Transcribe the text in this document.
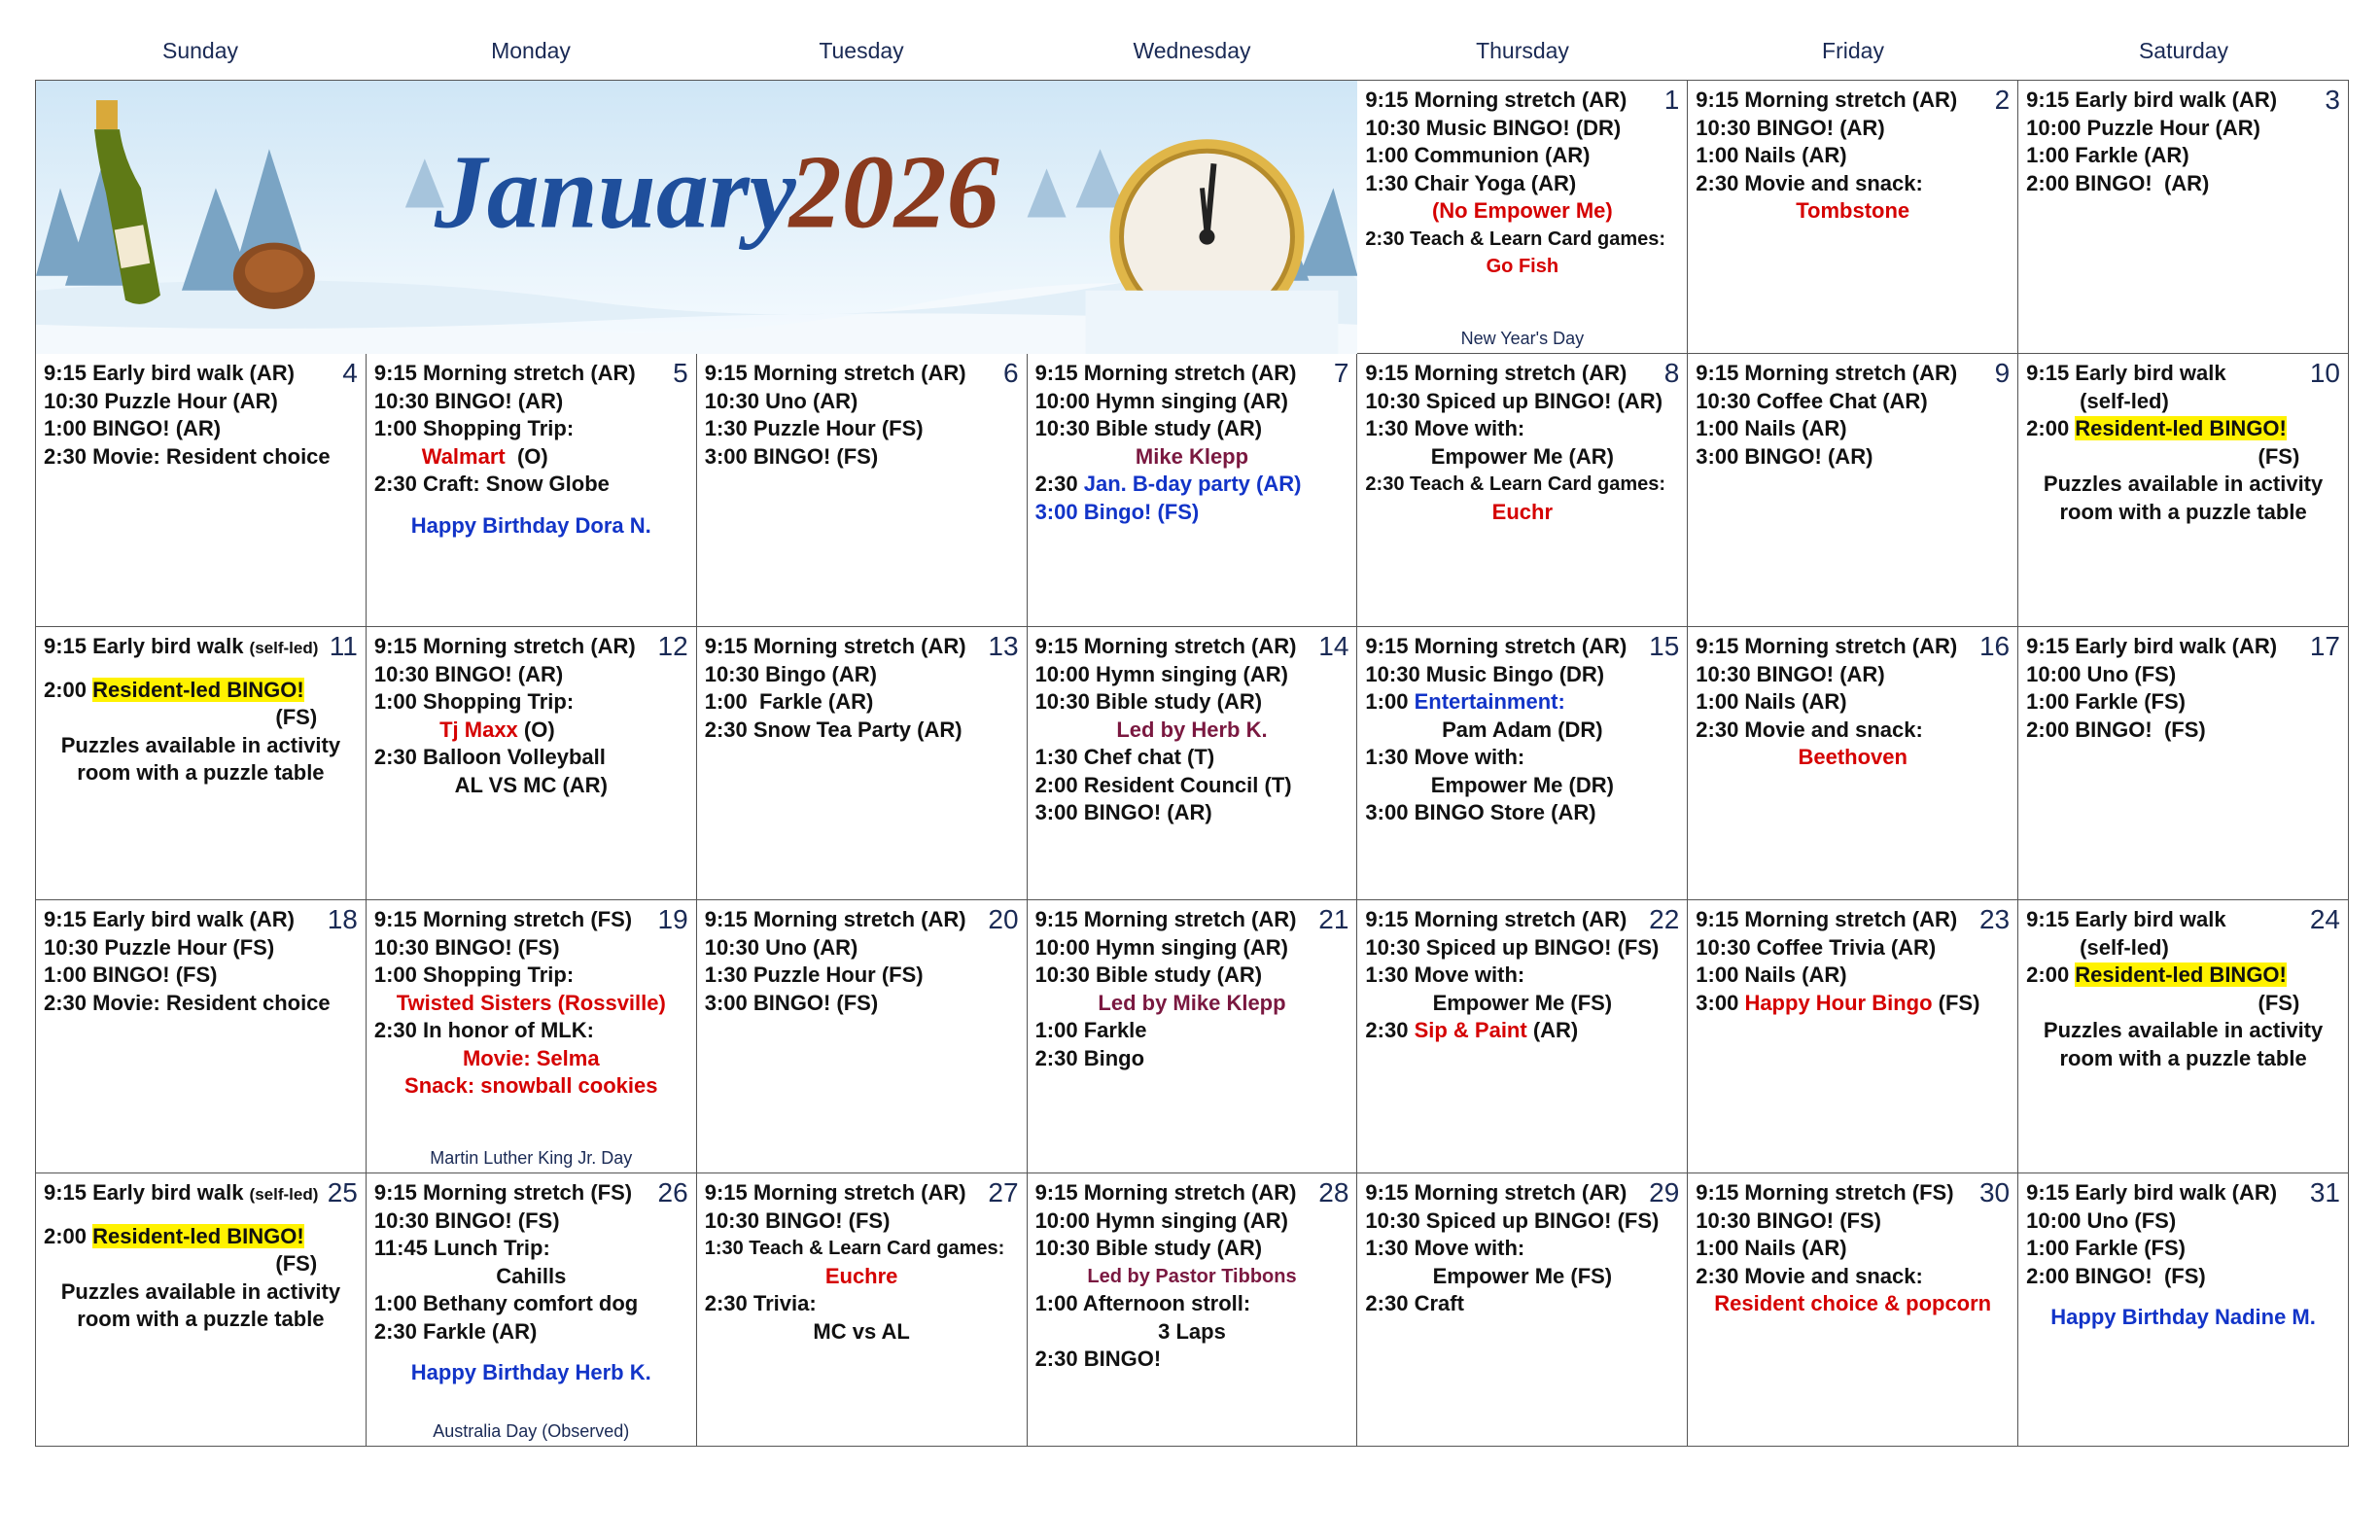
Sunday	Monday	Tuesday	Wednesday	Thursday	Friday	Saturday
January
2026
1
9:15 Morning stretch (AR)
10:30 Music BINGO! (DR)
1:00 Communion (AR)
1:30 Chair Yoga (AR)
(No Empower Me)
2:30 Teach & Learn Card games:
Go Fish
New Year's Day
2
9:15 Morning stretch (AR)
10:30 BINGO! (AR)
1:00 Nails (AR)
2:30 Movie and snack:
Tombstone
3
9:15 Early bird walk (AR)
10:00 Puzzle Hour (AR)
1:00 Farkle (AR)
2:00 BINGO!  (AR)
4
9:15 Early bird walk (AR)
10:30 Puzzle Hour (AR)
1:00 BINGO! (AR)
2:30 Movie: Resident choice
5
9:15 Morning stretch (AR)
10:30 BINGO! (AR)
1:00 Shopping Trip:
Walmart  (O)
2:30 Craft: Snow Globe
Happy Birthday Dora N.
6
9:15 Morning stretch (AR)
10:30 Uno (AR)
1:30 Puzzle Hour (FS)
3:00 BINGO! (FS)
7
9:15 Morning stretch (AR)
10:00 Hymn singing (AR)
10:30 Bible study (AR)
Mike Klepp
2:30 Jan. B-day party (AR)
3:00 Bingo! (FS)
8
9:15 Morning stretch (AR)
10:30 Spiced up BINGO! (AR)
1:30 Move with:
Empower Me (AR)
2:30 Teach & Learn Card games:
Euchr
9
9:15 Morning stretch (AR)
10:30 Coffee Chat (AR)
1:00 Nails (AR)
3:00 BINGO! (AR)
10
9:15 Early bird walk
(self-led)
2:00 Resident-led BINGO!
(FS)
Puzzles available in activity
room with a puzzle table
11
9:15 Early bird walk (self-led)
2:00 Resident-led BINGO!
(FS)
Puzzles available in activity
room with a puzzle table
12
9:15 Morning stretch (AR)
10:30 BINGO! (AR)
1:00 Shopping Trip:
Tj Maxx (O)
2:30 Balloon Volleyball
AL VS MC (AR)
13
9:15 Morning stretch (AR)
10:30 Bingo (AR)
1:00  Farkle (AR)
2:30 Snow Tea Party (AR)
14
9:15 Morning stretch (AR)
10:00 Hymn singing (AR)
10:30 Bible study (AR)
Led by Herb K.
1:30 Chef chat (T)
2:00 Resident Council (T)
3:00 BINGO! (AR)
15
9:15 Morning stretch (AR)
10:30 Music Bingo (DR)
1:00 Entertainment:
Pam Adam (DR)
1:30 Move with:
Empower Me (DR)
3:00 BINGO Store (AR)
16
9:15 Morning stretch (AR)
10:30 BINGO! (AR)
1:00 Nails (AR)
2:30 Movie and snack:
Beethoven
17
9:15 Early bird walk (AR)
10:00 Uno (FS)
1:00 Farkle (FS)
2:00 BINGO!  (FS)
18
9:15 Early bird walk (AR)
10:30 Puzzle Hour (FS)
1:00 BINGO! (FS)
2:30 Movie: Resident choice
19
9:15 Morning stretch (FS)
10:30 BINGO! (FS)
1:00 Shopping Trip:
Twisted Sisters (Rossville)
2:30 In honor of MLK:
Movie: Selma
Snack: snowball cookies
Martin Luther King Jr. Day
20
9:15 Morning stretch (AR)
10:30 Uno (AR)
1:30 Puzzle Hour (FS)
3:00 BINGO! (FS)
21
9:15 Morning stretch (AR)
10:00 Hymn singing (AR)
10:30 Bible study (AR)
Led by Mike Klepp
1:00 Farkle
2:30 Bingo
22
9:15 Morning stretch (AR)
10:30 Spiced up BINGO! (FS)
1:30 Move with:
Empower Me (FS)
2:30 Sip & Paint (AR)
23
9:15 Morning stretch (AR)
10:30 Coffee Trivia (AR)
1:00 Nails (AR)
3:00 Happy Hour Bingo (FS)
24
9:15 Early bird walk
(self-led)
2:00 Resident-led BINGO!
(FS)
Puzzles available in activity
room with a puzzle table
25
9:15 Early bird walk (self-led)
2:00 Resident-led BINGO!
(FS)
Puzzles available in activity
room with a puzzle table
26
9:15 Morning stretch (FS)
10:30 BINGO! (FS)
11:45 Lunch Trip:
Cahills
1:00 Bethany comfort dog
2:30 Farkle (AR)
Happy Birthday Herb K.
Australia Day (Observed)
27
9:15 Morning stretch (AR)
10:30 BINGO! (FS)
1:30 Teach & Learn Card games:
Euchre
2:30 Trivia:
MC vs AL
28
9:15 Morning stretch (AR)
10:00 Hymn singing (AR)
10:30 Bible study (AR)
Led by Pastor Tibbons
1:00 Afternoon stroll:
3 Laps
2:30 BINGO!
29
9:15 Morning stretch (AR)
10:30 Spiced up BINGO! (FS)
1:30 Move with:
Empower Me (FS)
2:30 Craft
30
9:15 Morning stretch (FS)
10:30 BINGO! (FS)
1:00 Nails (AR)
2:30 Movie and snack:
Resident choice & popcorn
31
9:15 Early bird walk (AR)
10:00 Uno (FS)
1:00 Farkle (FS)
2:00 BINGO!  (FS)
Happy Birthday Nadine M.
